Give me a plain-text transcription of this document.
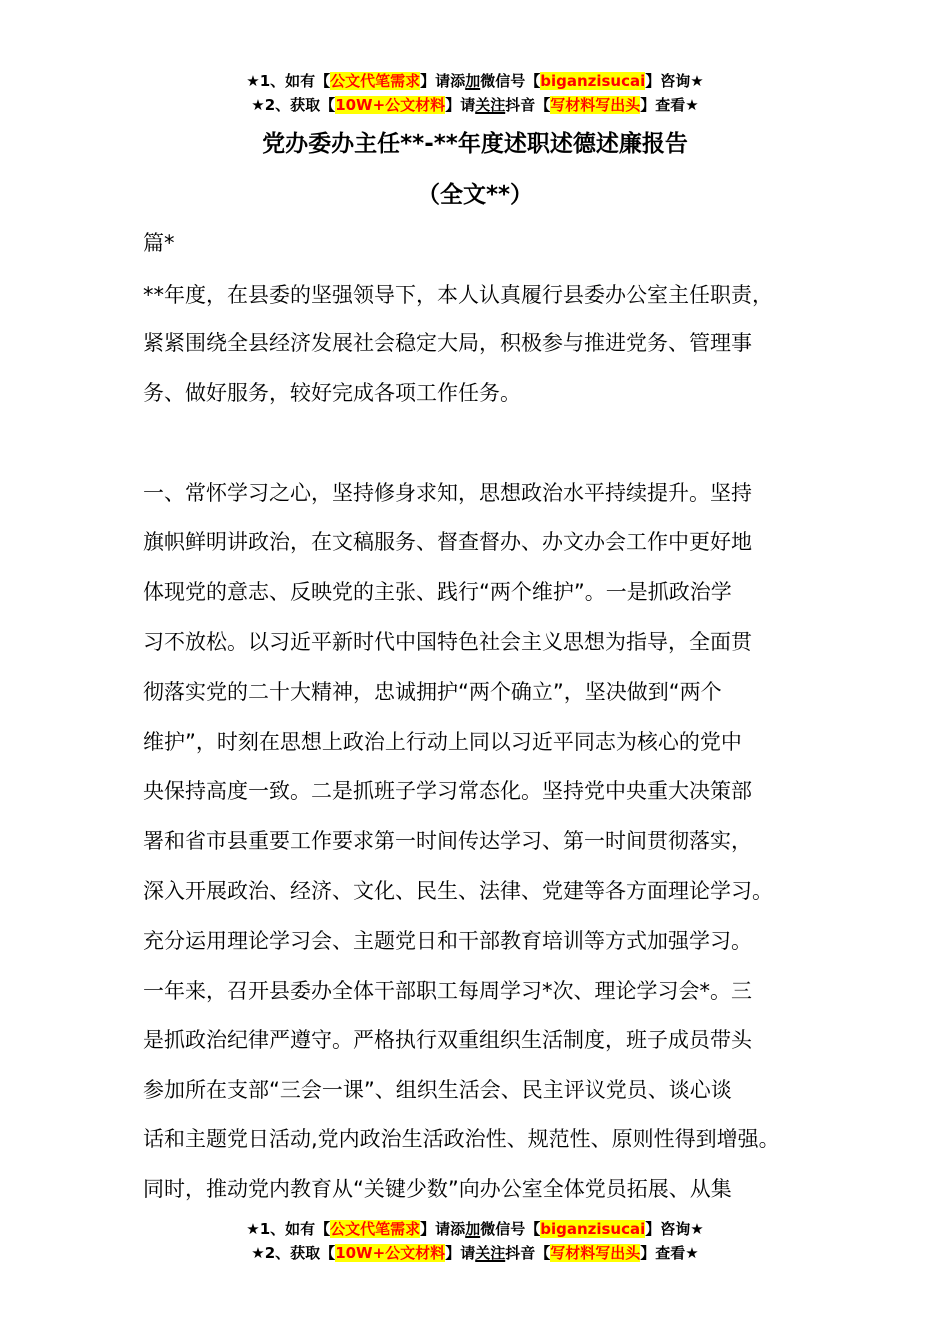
★1、如有【公文代笔需求】请添加微信号【biganzisucai】咨询★
★2、获取【10W+公文材料】请关注抖音【写材料写出头】查看★
党办委办主任**-**年度述职述德述廉报告
（全文**）
篇*
**年度，在县委的坚强领导下，本人认真履行县委办公室主任职责，
紧紧围绕全县经济发展社会稳定大局，积极参与推进党务、管理事
务、做好服务，较好完成各项工作任务。
一、常怀学习之心，坚持修身求知，思想政治水平持续提升。坚持
旗帜鲜明讲政治，在文稿服务、督查督办、办文办会工作中更好地
体现党的意志、反映党的主张、践行“两个维护”。一是抓政治学
习不放松。以习近平新时代中国特色社会主义思想为指导，全面贯
彻落实党的二十大精神，忠诚拥护“两个确立”，坚决做到“两个
维护”，时刻在思想上政治上行动上同以习近平同志为核心的党中
央保持高度一致。二是抓班子学习常态化。坚持党中央重大决策部
署和省市县重要工作要求第一时间传达学习、第一时间贯彻落实，
深入开展政治、经济、文化、民生、法律、党建等各方面理论学习。
充分运用理论学习会、主题党日和干部教育培训等方式加强学习。
一年来，召开县委办全体干部职工每周学习*次、理论学习会*。三
是抓政治纪律严遵守。严格执行双重组织生活制度，班子成员带头
参加所在支部“三会一课”、组织生活会、民主评议党员、谈心谈
话和主题党日活动,党内政治生活政治性、规范性、原则性得到增强。
同时，推动党内教育从“关键少数”向办公室全体党员拓展、从集
★1、如有【公文代笔需求】请添加微信号【biganzisucai】咨询★
★2、获取【10W+公文材料】请关注抖音【写材料写出头】查看★
